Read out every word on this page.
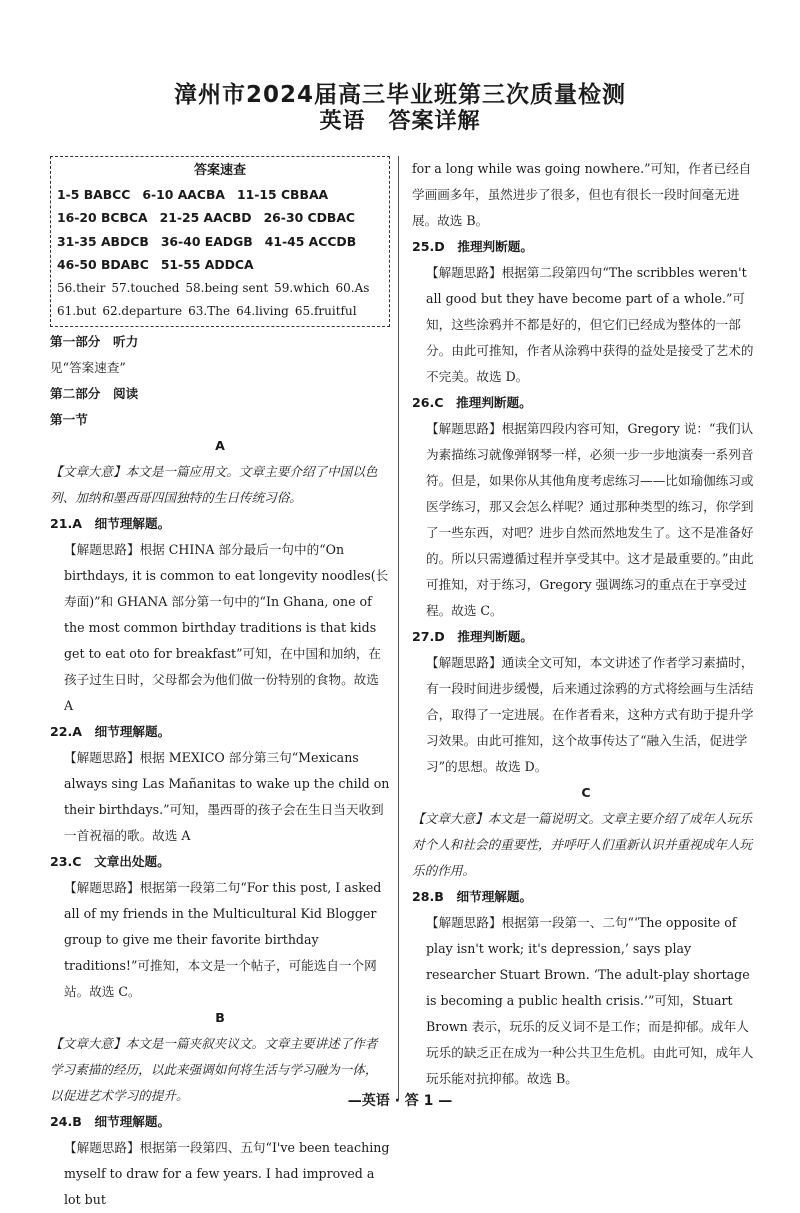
漳州市2024届高三毕业班第三次质量检测
英语　答案详解
答案速查
1-5 BABCC 6-10 AACBA 11-15 CBBAA
16-20 BCBCA 21-25 AACBD 26-30 CDBAC
31-35 ABDCB 36-40 EADGB 41-45 ACCDB
46-50 BDABC 51-55 ADDCA
56.their 57.touched 58.being sent 59.which 60.As
61.but 62.departure 63.The 64.living 65.fruitful

第一部分　听力

见“答案速查”

第二部分　阅读

第一节

A

【文章大意】本文是一篇应用文。文章主要介绍了中国以色列、加纳和墨西哥四国独特的生日传统习俗。

21.A　细节理解题。

【解题思路】根据 CHINA 部分最后一句中的“On birthdays, it is common to eat longevity noodles(长寿面)”和 GHANA 部分第一句中的“In Ghana, one of the most common birthday traditions is that kids get to eat oto for breakfast”可知，在中国和加纳，在孩子过生日时，父母都会为他们做一份特别的食物。故选 A

22.A　细节理解题。

【解题思路】根据 MEXICO 部分第三句“Mexicans always sing Las Mañanitas to wake up the child on their birthdays.”可知，墨西哥的孩子会在生日当天收到一首祝福的歌。故选 A

23.C　文章出处题。

【解题思路】根据第一段第二句“For this post, I asked all of my friends in the Multicultural Kid Blogger group to give me their favorite birthday traditions!”可推知，本文是一个帖子，可能选自一个网站。故选 C。

B

【文章大意】本文是一篇夹叙夹议文。文章主要讲述了作者学习素描的经历，以此来强调如何将生活与学习融为一体，以促进艺术学习的提升。

24.B　细节理解题。

【解题思路】根据第一段第四、五句“I've been teaching myself to draw for a few years. I had improved a lot but

for a long while was going nowhere.”可知，作者已经自学画画多年，虽然进步了很多，但也有很长一段时间毫无进展。故选 B。

25.D　推理判断题。

【解题思路】根据第二段第四句“The scribbles weren't all good but they have become part of a whole.”可知，这些涂鸦并不都是好的，但它们已经成为整体的一部分。由此可推知，作者从涂鸦中获得的益处是接受了艺术的不完美。故选 D。

26.C　推理判断题。

【解题思路】根据第四段内容可知，Gregory 说：“我们认为素描练习就像弹钢琴一样，必须一步一步地演奏一系列音符。但是，如果你从其他角度考虑练习——比如瑜伽练习或医学练习，那又会怎么样呢？通过那种类型的练习，你学到了一些东西，对吧？进步自然而然地发生了。这不是准备好的。所以只需遵循过程并享受其中。这才是最重要的。”由此可推知，对于练习，Gregory 强调练习的重点在于享受过程。故选 C。

27.D　推理判断题。

【解题思路】通读全文可知，本文讲述了作者学习素描时，有一段时间进步缓慢，后来通过涂鸦的方式将绘画与生活结合，取得了一定进展。在作者看来，这种方式有助于提升学习效果。由此可推知，这个故事传达了“融入生活，促进学习”的思想。故选 D。

C

【文章大意】本文是一篇说明文。文章主要介绍了成年人玩乐对个人和社会的重要性，并呼吁人们重新认识并重视成年人玩乐的作用。

28.B　细节理解题。

【解题思路】根据第一段第一、二句“‘The opposite of play isn't work; it's depression,’ says play researcher Stuart Brown. ‘The adult-play shortage is becoming a public health crisis.’”可知，Stuart Brown 表示，玩乐的反义词不是工作；而是抑郁。成年人玩乐的缺乏正在成为一种公共卫生危机。由此可知，成年人玩乐能对抗抑郁。故选 B。

—英语 · 答 1 —
